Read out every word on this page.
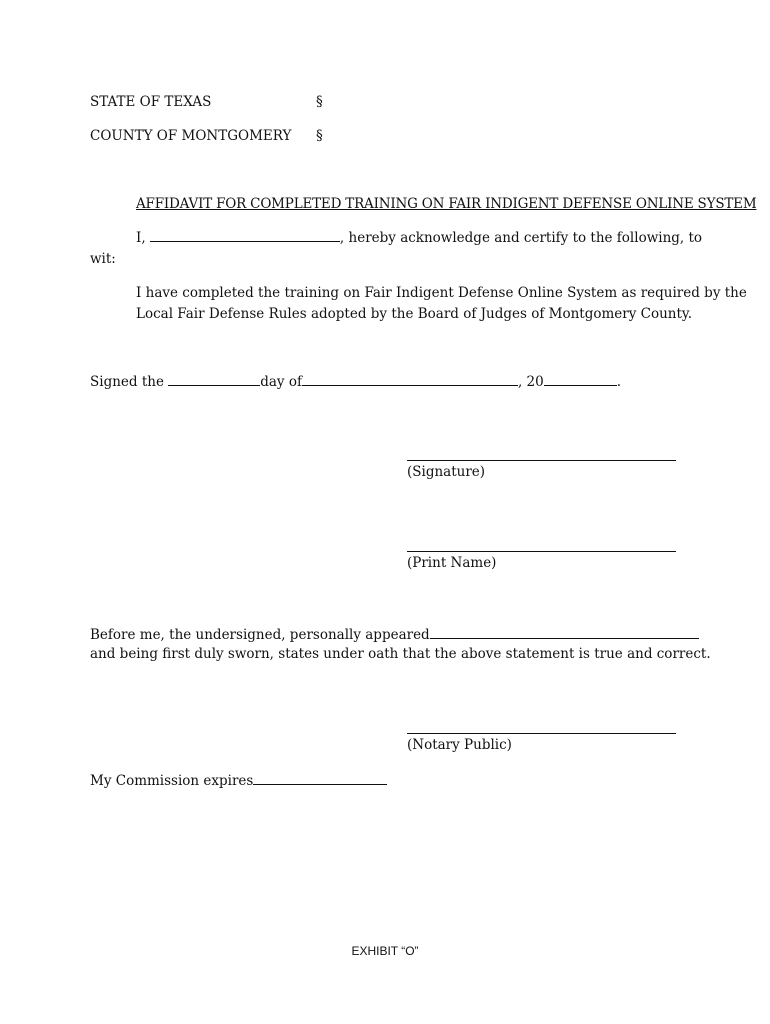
STATE OF TEXAS	§
COUNTY OF MONTGOMERY §
AFFIDAVIT FOR COMPLETED TRAINING ON FAIR INDIGENT DEFENSE ONLINE SYSTEM
I,	, hereby acknowledge and certify to the following, to
wit:
I have completed the training on Fair Indigent Defense Online System as required by the
Local Fair Defense Rules adopted by the Board of Judges of Montgomery County.
Signed the	day of	, 20	.
(Signature)
(Print Name)
Before me, the undersigned, personally appeared
and being first duly sworn, states under oath that the above statement is true and correct.
(Notary Public)
My Commission expires
EXHIBIT “O”
